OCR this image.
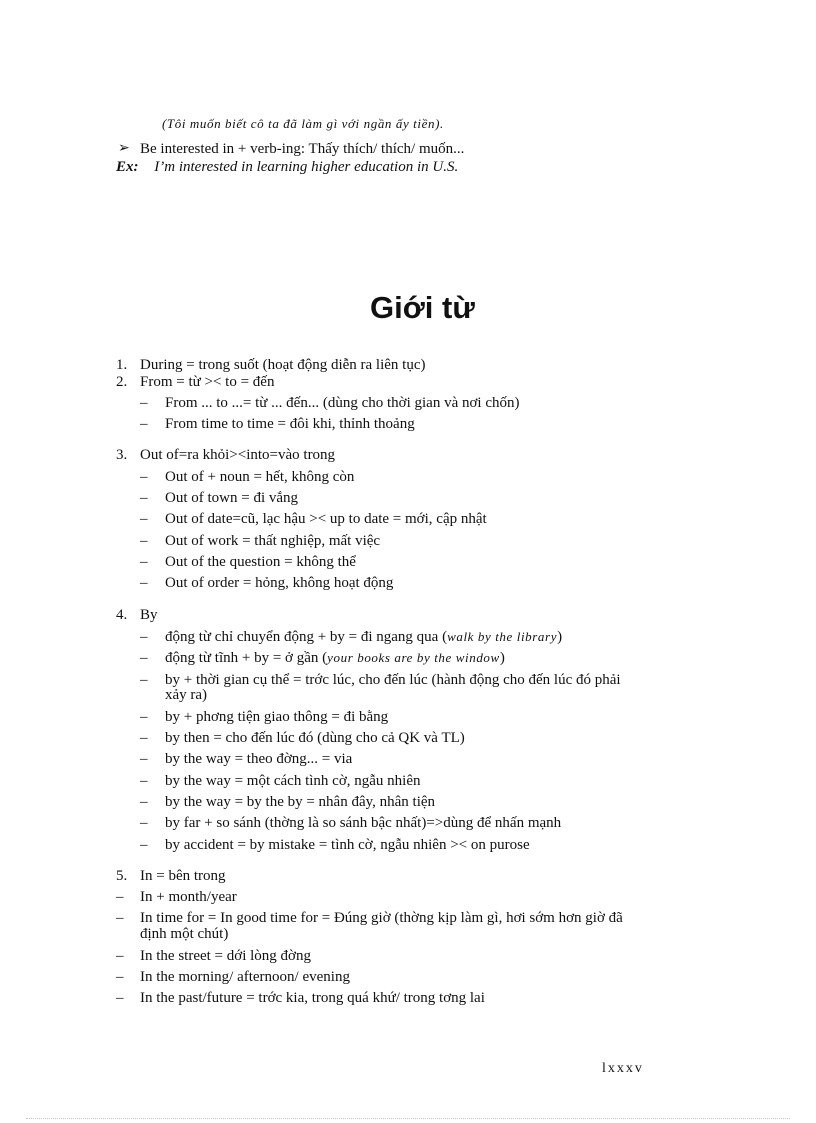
(Tôi muốn biết cô ta đã làm gì với ngần ấy tiền).
➢ Be interested in + verb-ing: Thấy thích/ thích/ muốn...
Ex: I’m interested in learning higher education in U.S.
Giới từ
1. During = trong suốt (hoạt động diễn ra liên tục)
2. From = từ >< to = đến
– From ... to ...= từ ... đến... (dùng cho thời gian và nơi chốn)
– From time to time = đôi khi, thỉnh thoảng
3. Out of=ra khỏi><into=vào trong
– Out of + noun = hết, không còn
– Out of town = đi vắng
– Out of date=cũ, lạc hậu >< up to date = mới, cập nhật
– Out of work = thất nghiệp, mất việc
– Out of the question = không thể
– Out of order = hỏng, không hoạt động
4. By
– động từ chỉ chuyển động + by = đi ngang qua (walk by the library)
– động từ tĩnh + by = ở gần (your books are by the window)
– by + thời gian cụ thể = trớc lúc, cho đến lúc (hành động cho đến lúc đó phải
xảy ra)
– by + phơng tiện giao thông = đi bằng
– by then = cho đến lúc đó (dùng cho cả QK và TL)
– by the way = theo đờng... = via
– by the way = một cách tình cờ, ngẫu nhiên
– by the way = by the by = nhân đây, nhân tiện
– by far + so sánh (thờng là so sánh bậc nhất)=>dùng để nhấn mạnh
– by accident = by mistake = tình cờ, ngẫu nhiên >< on purose
5. In = bên trong
– In + month/year
– In time for = In good time for = Đúng giờ (thờng kịp làm gì, hơi sớm hơn giờ đã
định một chút)
– In the street = dới lòng đờng
– In the morning/ afternoon/ evening
– In the past/future = trớc kia, trong quá khứ/ trong tơng lai
lxxxv
